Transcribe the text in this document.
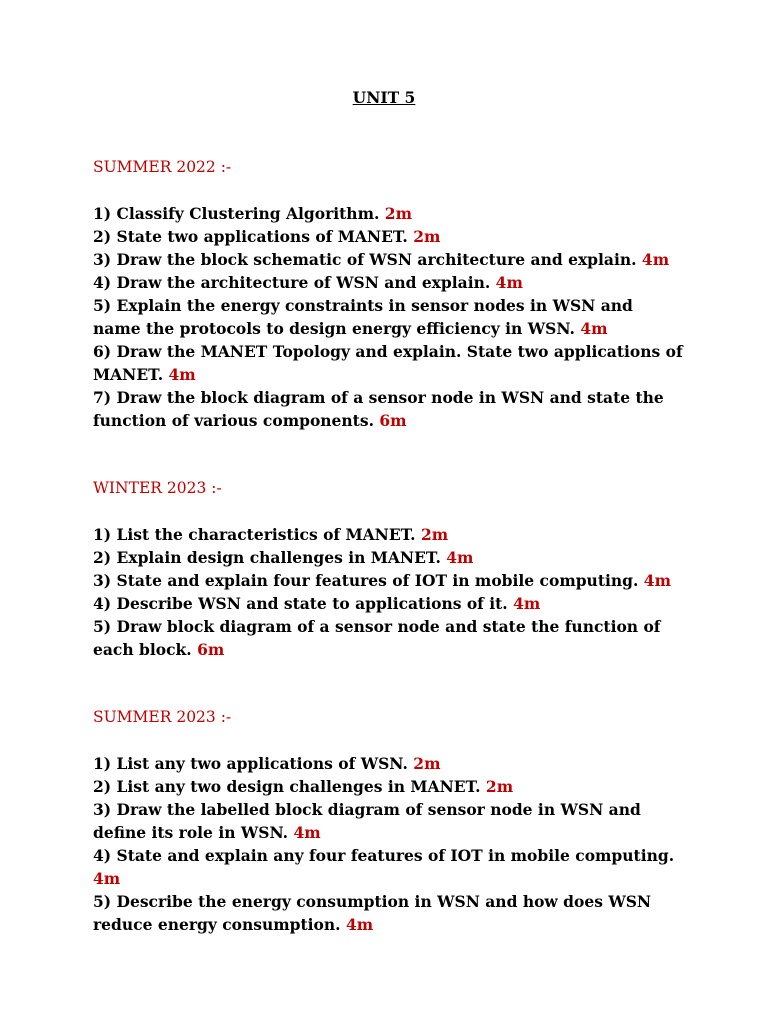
UNIT 5
SUMMER 2022 :-
1) Classify Clustering Algorithm. 2m
2) State two applications of MANET. 2m
3) Draw the block schematic of WSN architecture and explain. 4m
4) Draw the architecture of WSN and explain. 4m
5) Explain the energy constraints in sensor nodes in WSN and name the protocols to design energy efficiency in WSN. 4m
6) Draw the MANET Topology and explain. State two applications of MANET. 4m
7) Draw the block diagram of a sensor node in WSN and state the function of various components. 6m
WINTER 2023 :-
1) List the characteristics of MANET. 2m
2) Explain design challenges in MANET. 4m
3) State and explain four features of IOT in mobile computing. 4m
4) Describe WSN and state to applications of it. 4m
5) Draw block diagram of a sensor node and state the function of each block. 6m
SUMMER 2023 :-
1) List any two applications of WSN. 2m
2) List any two design challenges in MANET. 2m
3) Draw the labelled block diagram of sensor node in WSN and define its role in WSN. 4m
4) State and explain any four features of IOT in mobile computing. 4m
5) Describe the energy consumption in WSN and how does WSN reduce energy consumption. 4m
